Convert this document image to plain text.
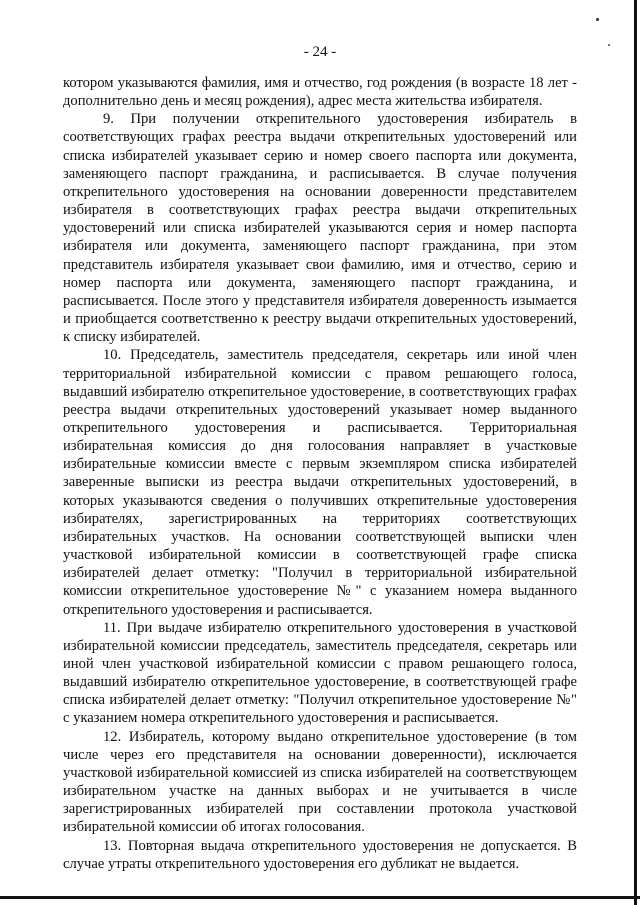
- 24 -

котором указываются фамилия, имя и отчество, год рождения (в возрасте 18 лет - дополнительно день и месяц рождения), адрес места жительства избирателя.

9. При получении открепительного удостоверения избиратель в соответствующих графах реестра выдачи открепительных удостоверений или списка избирателей указывает серию и номер своего паспорта или документа, заменяющего паспорт гражданина, и расписывается. В случае получения открепительного удостоверения на основании доверенности представителем избирателя в соответствующих графах реестра выдачи открепительных удостоверений или списка избирателей указываются серия и номер паспорта избирателя или документа, заменяющего паспорт гражданина, при этом представитель избирателя указывает свои фамилию, имя и отчество, серию и номер паспорта или документа, заменяющего паспорт гражданина, и расписывается. После этого у представителя избирателя доверенность изымается и приобщается соответственно к реестру выдачи открепительных удостоверений, к списку избирателей.

10. Председатель, заместитель председателя, секретарь или иной член территориальной избирательной комиссии с правом решающего голоса, выдавший избирателю открепительное удостоверение, в соответствующих графах реестра выдачи открепительных удостоверений указывает номер выданного открепительного удостоверения и расписывается. Территориальная избирательная комиссия до дня голосования направляет в участковые избирательные комиссии вместе с первым экземпляром списка избирателей заверенные выписки из реестра выдачи открепительных удостоверений, в которых указываются сведения о получивших открепительные удостоверения избирателях, зарегистрированных на территориях соответствующих избирательных участков. На основании соответствующей выписки член участковой избирательной комиссии в соответствующей графе списка избирателей делает отметку: "Получил в территориальной избирательной комиссии открепительное удостоверение №" с указанием номера выданного открепительного удостоверения и расписывается.

11. При выдаче избирателю открепительного удостоверения в участковой избирательной комиссии председатель, заместитель председателя, секретарь или иной член участковой избирательной комиссии с правом решающего голоса, выдавший избирателю открепительное удостоверение, в соответствующей графе списка избирателей делает отметку: "Получил открепительное удостоверение №" с указанием номера открепительного удостоверения и расписывается.

12. Избиратель, которому выдано открепительное удостоверение (в том числе через его представителя на основании доверенности), исключается участковой избирательной комиссией из списка избирателей на соответствующем избирательном участке на данных выборах и не учитывается в числе зарегистрированных избирателей при составлении протокола участковой избирательной комиссии об итогах голосования.

13. Повторная выдача открепительного удостоверения не допускается. В случае утраты открепительного удостоверения его дубликат не выдается.
